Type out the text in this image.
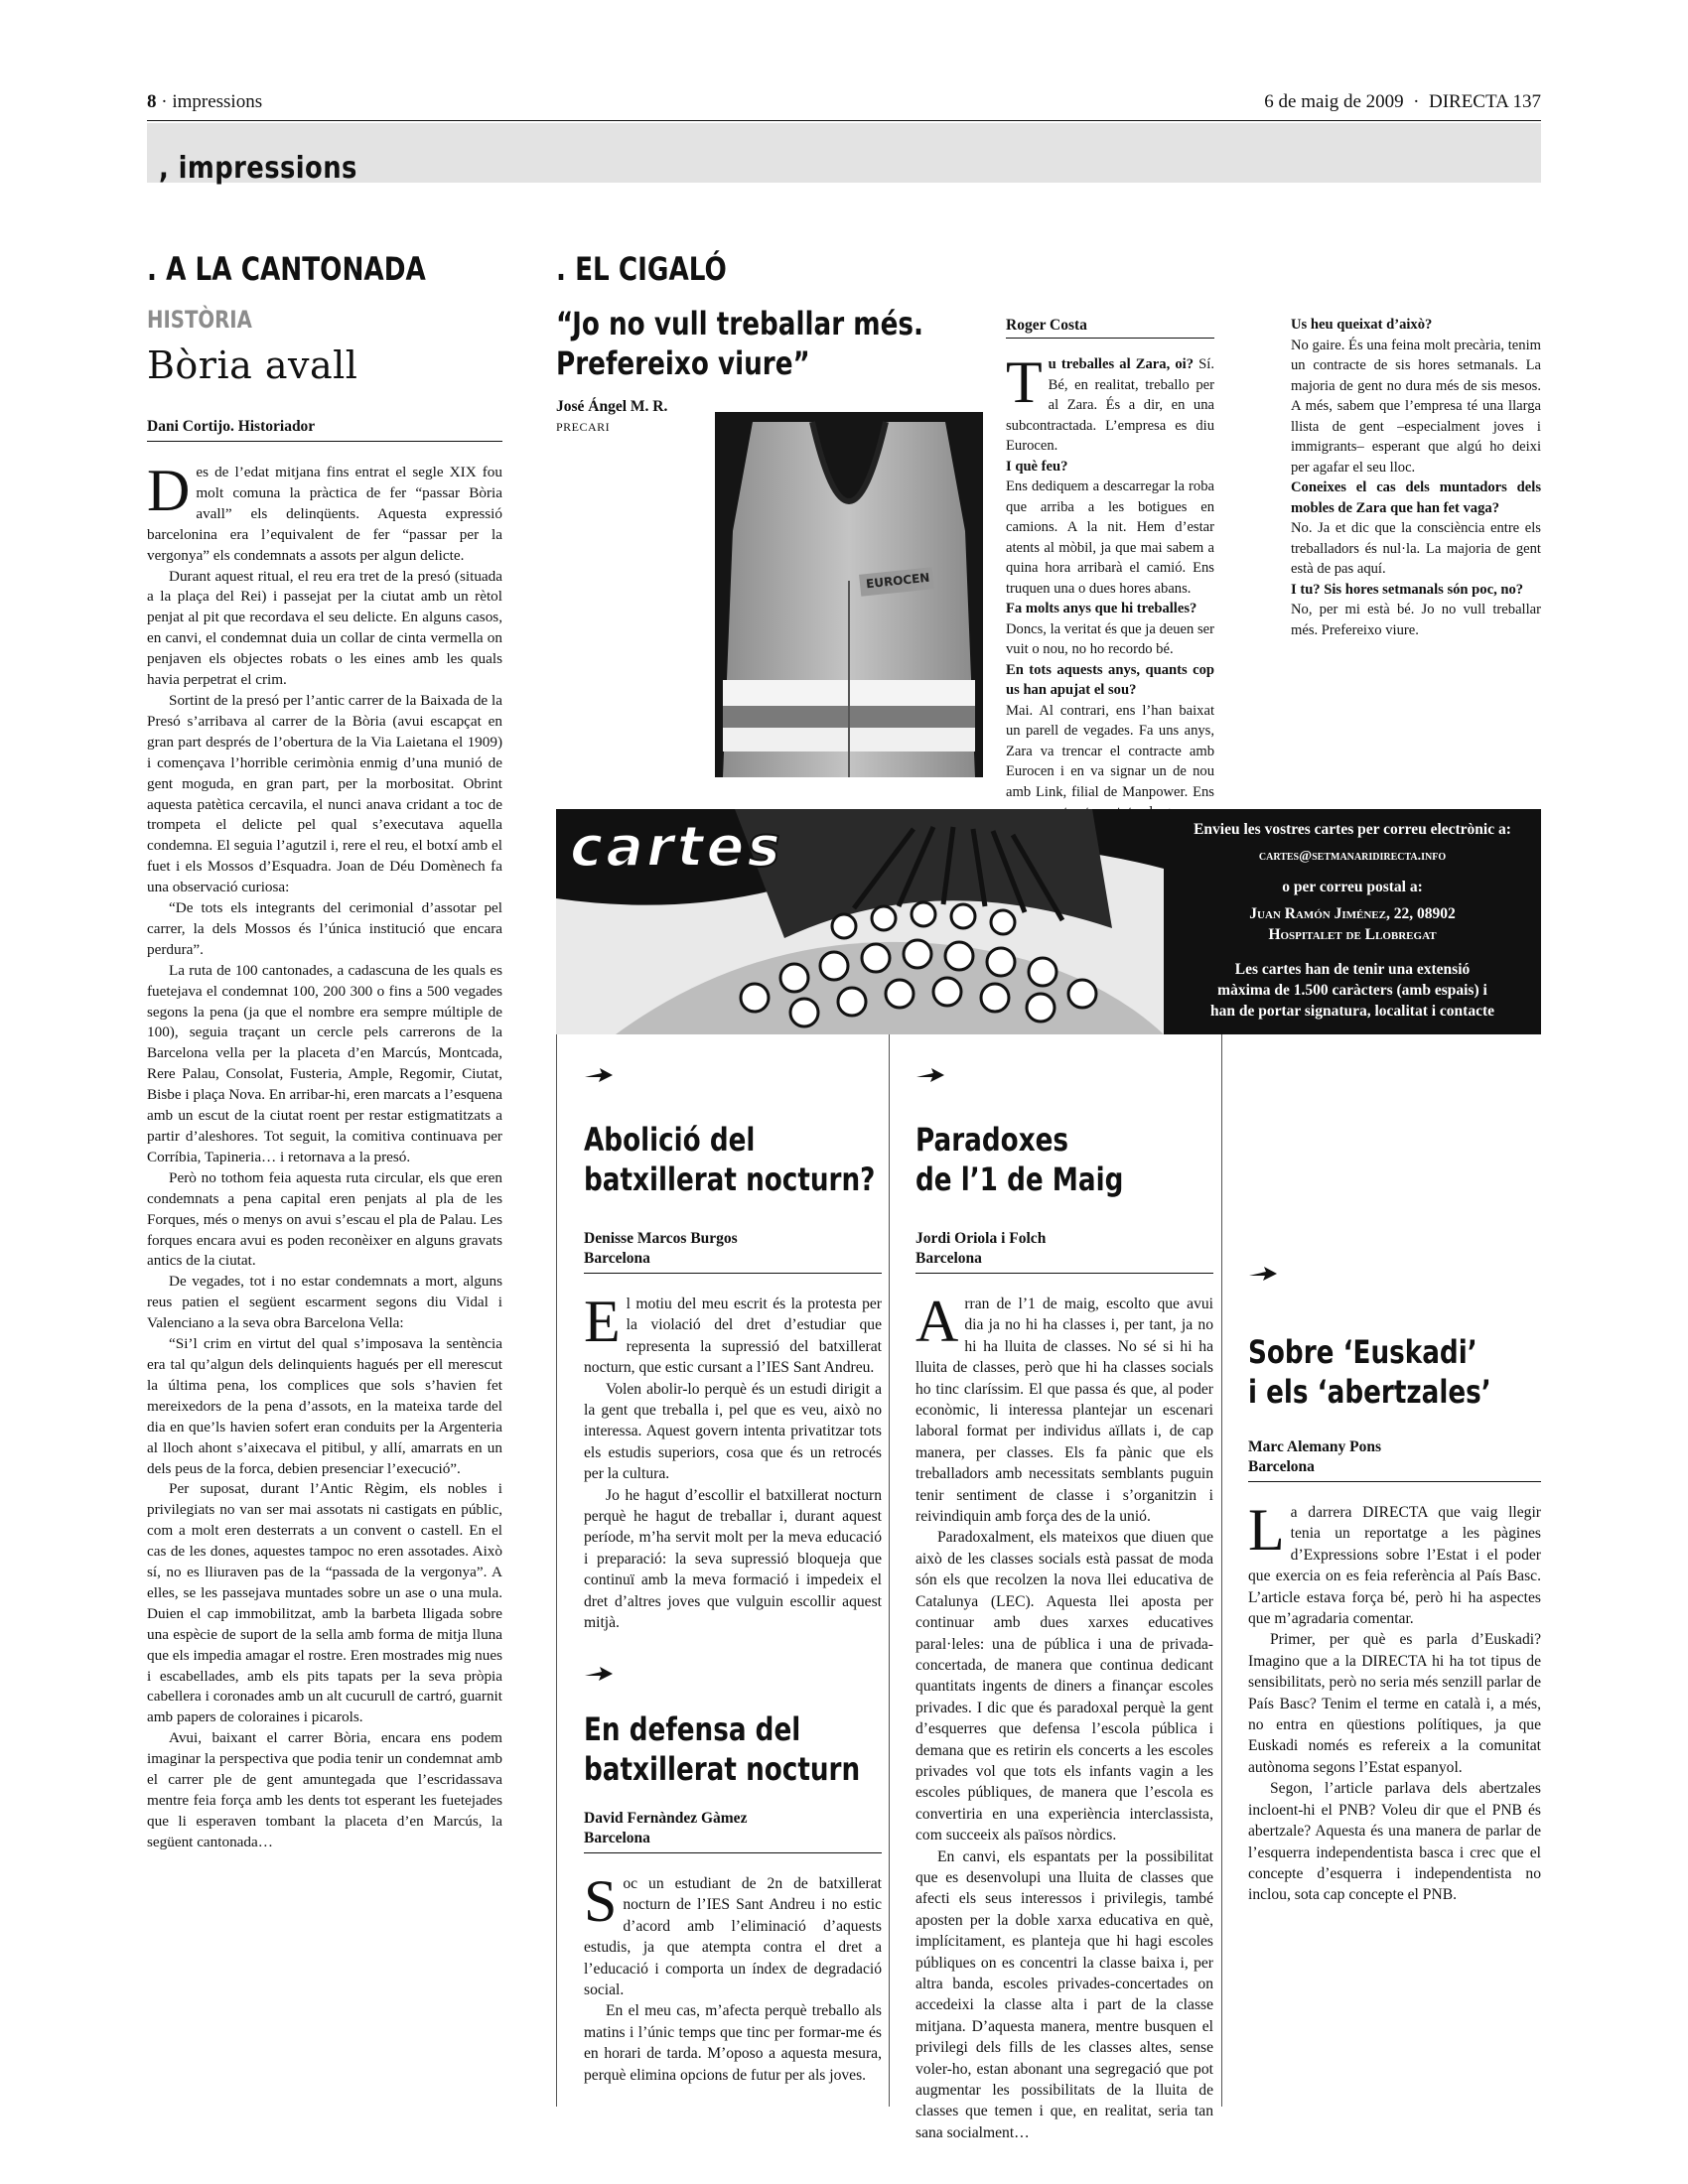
8 · impressions	6 de maig de 2009  ·  DIRECTA 137
, impressions
. A LA CANTONADA
HISTÒRIA
Bòria avall
Dani Cortijo. Historiador

Des de l’edat mitjana fins entrat el segle XIX fou molt comuna la pràctica de fer “passar Bòria avall” els delinqüents. Aquesta expressió barcelonina era l’equivalent de fer “passar per la vergonya” els condemnats a assots per algun delicte.

Durant aquest ritual, el reu era tret de la presó (situada a la plaça del Rei) i passejat per la ciutat amb un rètol penjat al pit que recordava el seu delicte. En alguns casos, en canvi, el condemnat duia un collar de cinta vermella on penjaven els objectes robats o les eines amb les quals havia perpetrat el crim.

Sortint de la presó per l’antic carrer de la Baixada de la Presó s’arribava al carrer de la Bòria (avui escapçat en gran part després de l’obertura de la Via Laietana el 1909) i començava l’horrible cerimònia enmig d’una munió de gent moguda, en gran part, per la morbositat. Obrint aquesta patètica cercavila, el nunci anava cridant a toc de trompeta el delicte pel qual s’executava aquella condemna. El seguia l’agutzil i, rere el reu, el botxí amb el fuet i els Mossos d’Esquadra. Joan de Déu Domènech fa una observació curiosa:

“De tots els integrants del cerimonial d’assotar pel carrer, la dels Mossos és l’única institució que encara perdura”.

La ruta de 100 cantonades, a cadascuna de les quals es fuetejava el condemnat 100, 200 300 o fins a 500 vegades segons la pena (ja que el nombre era sempre múltiple de 100), seguia traçant un cercle pels carrerons de la Barcelona vella per la placeta d’en Marcús, Montcada, Rere Palau, Consolat, Fusteria, Ample, Regomir, Ciutat, Bisbe i plaça Nova. En arribar-hi, eren marcats a l’esquena amb un escut de la ciutat roent per restar estigmatitzats a partir d’aleshores. Tot seguit, la comitiva continuava per Corríbia, Tapineria… i retornava a la presó.

Però no tothom feia aquesta ruta circular, els que eren condemnats a pena capital eren penjats al pla de les Forques, més o menys on avui s’escau el pla de Palau. Les forques encara avui es poden reconèixer en alguns gravats antics de la ciutat.

De vegades, tot i no estar condemnats a mort, alguns reus patien el següent escarment segons diu Vidal i Valenciano a la seva obra Barcelona Vella:

“Si’l crim en virtut del qual s’imposava la sentència era tal qu’algun dels delinquients hagués per ell merescut la última pena, los complices que sols s’havien fet mereixedors de la pena d’assots, en la mateixa tarde del dia en que’ls havien sofert eran conduits per la Argenteria al lloch ahont s’aixecava el pitibul, y allí, amarrats en un dels peus de la forca, debien presenciar l’execució”.

Per suposat, durant l’Antic Règim, els nobles i privilegiats no van ser mai assotats ni castigats en públic, com a molt eren desterrats a un convent o castell. En el cas de les dones, aquestes tampoc no eren assotades. Això sí, no es lliuraven pas de la “passada de la vergonya”. A elles, se les passejava muntades sobre un ase o una mula. Duien el cap immobilitzat, amb la barbeta lligada sobre una espècie de suport de la sella amb forma de mitja lluna que els impedia amagar el rostre. Eren mostrades mig nues i escabellades, amb els pits tapats per la seva pròpia cabellera i coronades amb un alt cucurull de cartró, guarnit amb papers de coloraines i picarols.

Avui, baixant el carrer Bòria, encara ens podem imaginar la perspectiva que podia tenir un condemnat amb el carrer ple de gent amuntegada que l’escridassava mentre feia força amb les dents tot esperant les fuetejades que li esperaven tombant la placeta d’en Marcús, la següent cantonada…

. EL CIGALÓ
“Jo no vull treballar més.
Prefereixo viure”
José Ángel M. R.
PRECARI
EUROCEN
Roger Costa
T u treballes al Zara, oi? Sí. Bé, en realitat, treballo per al Zara. És a dir, en una subcontractada. L’empresa es diu Eurocen.
I què feu?
Ens dediquem a descarregar la roba que arriba a les botigues en camions. A la nit. Hem d’estar atents al mòbil, ja que mai sabem a quina hora arribarà el camió. Ens truquen una o dues hores abans.
Fa molts anys que hi treballes?
Doncs, la veritat és que ja deuen ser vuit o nou, no ho recordo bé.
En tots aquests anys, quants cop us han apujat el sou?
Mai. Al contrari, ens l’han baixat un parell de vegades. Fa uns anys, Zara va trencar el contracte amb Eurocen i en va signar un de nou amb Link, filial de Manpower. Ens
Us heu queixat d’això?
No gaire. És una feina molt precària, tenim un contracte de sis hores setmanals. La majoria de gent no dura més de sis mesos. A més, sabem que l’empresa té una llarga llista de gent –especialment joves i immigrants– esperant que algú ho deixi per agafar el seu lloc.
Coneixes el cas dels muntadors dels mobles de Zara que han fet vaga?
No. Ja et dic que la consciència entre els treballadors és nul·la. La majoria de gent està de pas aquí.
I tu? Sis hores setmanals són poc, no?
No, per mi està bé. Jo no vull treballar més. Prefereixo viure.
cartes	Envieu les vostres cartes per correu electrònic a:
cartes@setmanaridirecta.info
o per correu postal a:
Juan Ramón Jiménez, 22, 08902
Hospitalet de Llobregat
Les cartes han de tenir una extensió
màxima de 1.500 caràcters (amb espais) i
han de portar signatura, localitat i contacte
Abolició del
batxillerat nocturn?
Denisse Marcos Burgos
Barcelona

El motiu del meu escrit és la protesta per la violació del dret d’estudiar que representa la supressió del batxillerat nocturn, que estic cursant a l’IES Sant Andreu.

Volen abolir-lo perquè és un estudi dirigit a la gent que treballa i, pel que es veu, això no interessa. Aquest govern intenta privatitzar tots els estudis superiors, cosa que és un retrocés per la cultura.

Jo he hagut d’escollir el batxillerat nocturn perquè he hagut de treballar i, durant aquest període, m’ha servit molt per la meva educació i preparació: la seva supressió bloqueja que continuï amb la meva formació i impedeix el dret d’altres joves que vulguin escollir aquest mitjà.

En defensa del
batxillerat nocturn
David Fernàndez Gàmez
Barcelona

Soc un estudiant de 2n de batxillerat nocturn de l’IES Sant Andreu i no estic d’acord amb l’eliminació d’aquests estudis, ja que atempta contra el dret a l’educació i comporta un índex de degradació social.

En el meu cas, m’afecta perquè treballo als matins i l’únic temps que tinc per formar-me és en horari de tarda. M’oposo a aquesta mesura, perquè elimina opcions de futur per als joves.

Paradoxes
de l’1 de Maig
Jordi Oriola i Folch
Barcelona

Arran de l’1 de maig, escolto que avui dia ja no hi ha classes i, per tant, ja no hi ha lluita de classes. No sé si hi ha lluita de classes, però que hi ha classes socials ho tinc claríssim. El que passa és que, al poder econòmic, li interessa plantejar un escenari laboral format per individus aïllats i, de cap manera, per classes. Els fa pànic que els treballadors amb necessitats semblants puguin tenir sentiment de classe i s’organitzin i reivindiquin amb força des de la unió.

Paradoxalment, els mateixos que diuen que això de les classes socials està passat de moda són els que recolzen la nova llei educativa de Catalunya (LEC). Aquesta llei aposta per continuar amb dues xarxes educatives paral·leles: una de pública i una de privada-concertada, de manera que continua dedicant quantitats ingents de diners a finançar escoles privades. I dic que és paradoxal perquè la gent d’esquerres que defensa l’escola pública i demana que es retirin els concerts a les escoles privades vol que tots els infants vagin a les escoles públiques, de manera que l’escola es convertiria en una experiència interclassista, com succeeix als països nòrdics.

En canvi, els espantats per la possibilitat que es desenvolupi una lluita de classes que afecti els seus interessos i privilegis, també aposten per la doble xarxa educativa en què, implícitament, es planteja que hi hagi escoles públiques on es concentri la classe baixa i, per altra banda, escoles privades-concertades on accedeixi la classe alta i part de la classe mitjana. D’aquesta manera, mentre busquen el privilegi dels fills de les classes altes, sense voler-ho, estan abonant una segregació que pot augmentar les possibilitats de la lluita de classes que temen i que, en realitat, seria tan sana socialment…

Sobre ‘Euskadi’
i els ‘abertzales’
Marc Alemany Pons
Barcelona

La darrera DIRECTA que vaig llegir tenia un reportatge a les pàgines d’Expressions sobre l’Estat i el poder que exercia on es feia referència al País Basc. L’article estava força bé, però hi ha aspectes que m’agradaria comentar.

Primer, per què es parla d’Euskadi? Imagino que a la DIRECTA hi ha tot tipus de sensibilitats, però no seria més senzill parlar de País Basc? Tenim el terme en català i, a més, no entra en qüestions polítiques, ja que Euskadi només es refereix a la comunitat autònoma segons l’Estat espanyol.

Segon, l’article parlava dels abertzales incloent-hi el PNB? Voleu dir que el PNB és abertzale? Aquesta és una manera de parlar de l’esquerra independentista basca i crec que el concepte d’esquerra i independentista no inclou, sota cap concepte el PNB.
